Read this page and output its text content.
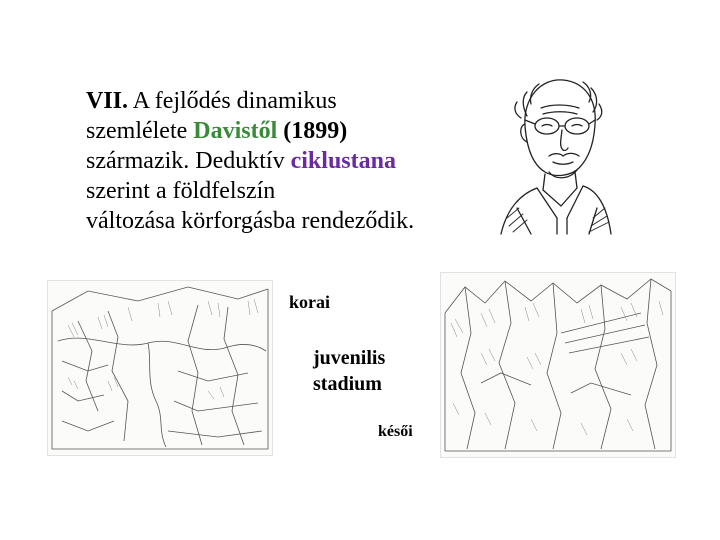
VII. A fejlődés dinamikus
szemlélete Davistől (1899)
származik. Deduktív ciklustana
szerint a földfelszín
változása körforgásba rendeződik.
korai
juvenilis
stadium
késői
